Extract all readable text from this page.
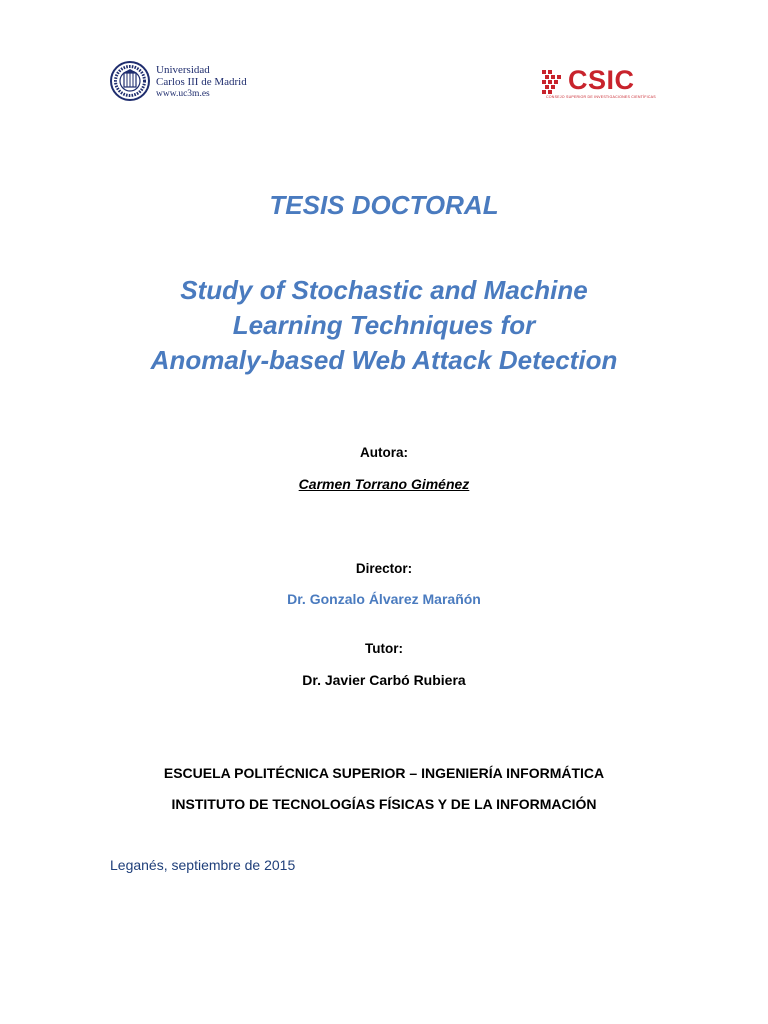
Universidad
Carlos III de Madrid
www.uc3m.es	CSIC
CONSEJO SUPERIOR DE INVESTIGACIONES CIENTÍFICAS
TESIS DOCTORAL
Study of Stochastic and Machine
Learning Techniques for
Anomaly-based Web Attack Detection
Autora:
Carmen Torrano Giménez
Director:
Dr. Gonzalo Álvarez Marañón
Tutor:
Dr. Javier Carbó Rubiera
ESCUELA POLITÉCNICA SUPERIOR – INGENIERÍA INFORMÁTICA
INSTITUTO DE TECNOLOGÍAS FÍSICAS Y DE LA INFORMACIÓN
Leganés, septiembre de 2015
